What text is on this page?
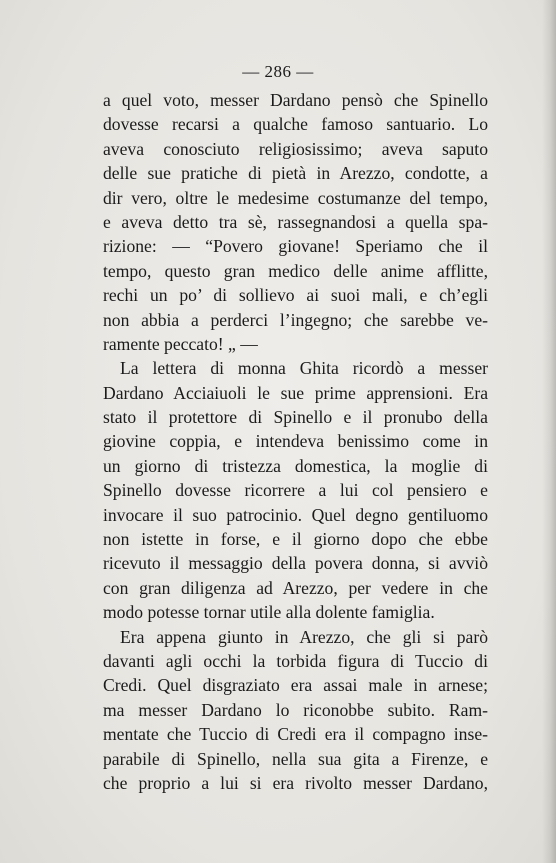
— 286 —
a quel voto, messer Dardano pensò che Spinello
dovesse recarsi a qualche famoso santuario. Lo
aveva conosciuto religiosissimo; aveva saputo
delle sue pratiche di pietà in Arezzo, condotte, a
dir vero, oltre le medesime costumanze del tempo,
e aveva detto tra sè, rassegnandosi a quella spa-
rizione: — “Povero giovane! Speriamo che il
tempo, questo gran medico delle anime afflitte,
rechi un po’ di sollievo ai suoi mali, e ch’egli
non abbia a perderci l’ingegno; che sarebbe ve-
ramente peccato! „ —
La lettera di monna Ghita ricordò a messer
Dardano Acciaiuoli le sue prime apprensioni. Era
stato il protettore di Spinello e il pronubo della
giovine coppia, e intendeva benissimo come in
un giorno di tristezza domestica, la moglie di
Spinello dovesse ricorrere a lui col pensiero e
invocare il suo patrocinio. Quel degno gentiluomo
non istette in forse, e il giorno dopo che ebbe
ricevuto il messaggio della povera donna, si avviò
con gran diligenza ad Arezzo, per vedere in che
modo potesse tornar utile alla dolente famiglia.
Era appena giunto in Arezzo, che gli si parò
davanti agli occhi la torbida figura di Tuccio di
Credi. Quel disgraziato era assai male in arnese;
ma messer Dardano lo riconobbe subito. Ram-
mentate che Tuccio di Credi era il compagno inse-
parabile di Spinello, nella sua gita a Firenze, e
che proprio a lui si era rivolto messer Dardano,
